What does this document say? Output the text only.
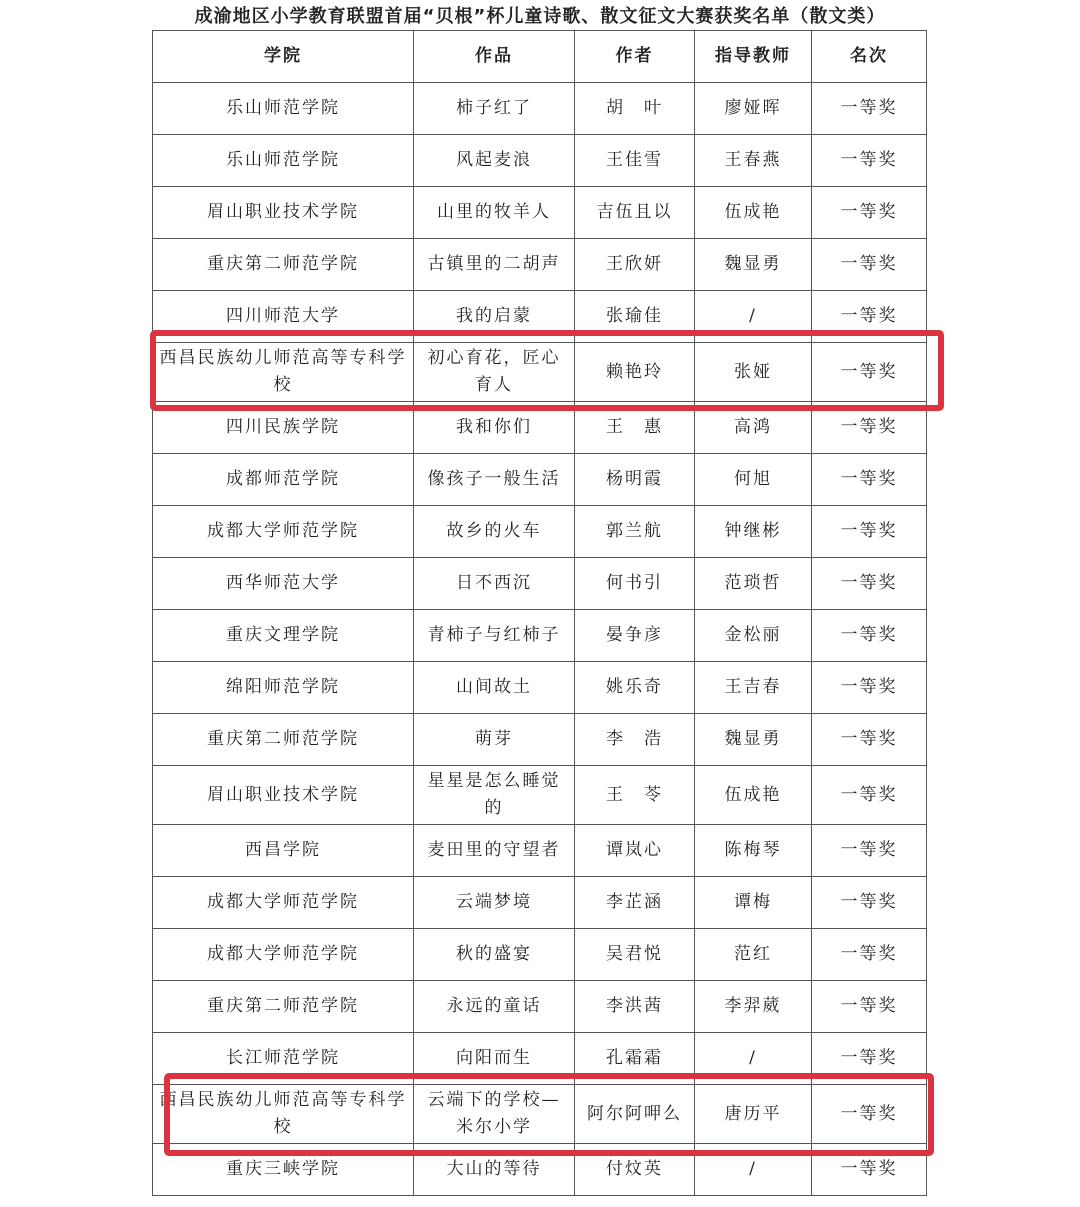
成渝地区小学教育联盟首届“贝根”杯儿童诗歌、散文征文大赛获奖名单（散文类）
学院	作品	作者	指导教师	名次
乐山师范学院	柿子红了	胡　叶	廖娅晖	一等奖
乐山师范学院	风起麦浪	王佳雪	王春燕	一等奖
眉山职业技术学院	山里的牧羊人	吉伍且以	伍成艳	一等奖
重庆第二师范学院	古镇里的二胡声	王欣妍	魏显勇	一等奖
四川师范大学	我的启蒙	张瑜佳	/	一等奖
西昌民族幼儿师范高等专科学校	初心育花，匠心育人	赖艳玲	张娅	一等奖
四川民族学院	我和你们	王　惠	高鸿	一等奖
成都师范学院	像孩子一般生活	杨明霞	何旭	一等奖
成都大学师范学院	故乡的火车	郭兰航	钟继彬	一等奖
西华师范大学	日不西沉	何书引	范琐哲	一等奖
重庆文理学院	青柿子与红柿子	晏争彦	金松丽	一等奖
绵阳师范学院	山间故土	姚乐奇	王吉春	一等奖
重庆第二师范学院	萌芽	李　浩	魏显勇	一等奖
眉山职业技术学院	星星是怎么睡觉的	王　苓	伍成艳	一等奖
西昌学院	麦田里的守望者	谭岚心	陈梅琴	一等奖
成都大学师范学院	云端梦境	李芷涵	谭梅	一等奖
成都大学师范学院	秋的盛宴	吴君悦	范红	一等奖
重庆第二师范学院	永远的童话	李洪茜	李羿葳	一等奖
长江师范学院	向阳而生	孔霜霜	/	一等奖
西昌民族幼儿师范高等专科学校	云端下的学校—米尔小学	阿尔阿呷么	唐历平	一等奖
重庆三峡学院	大山的等待	付炆英	/	一等奖
